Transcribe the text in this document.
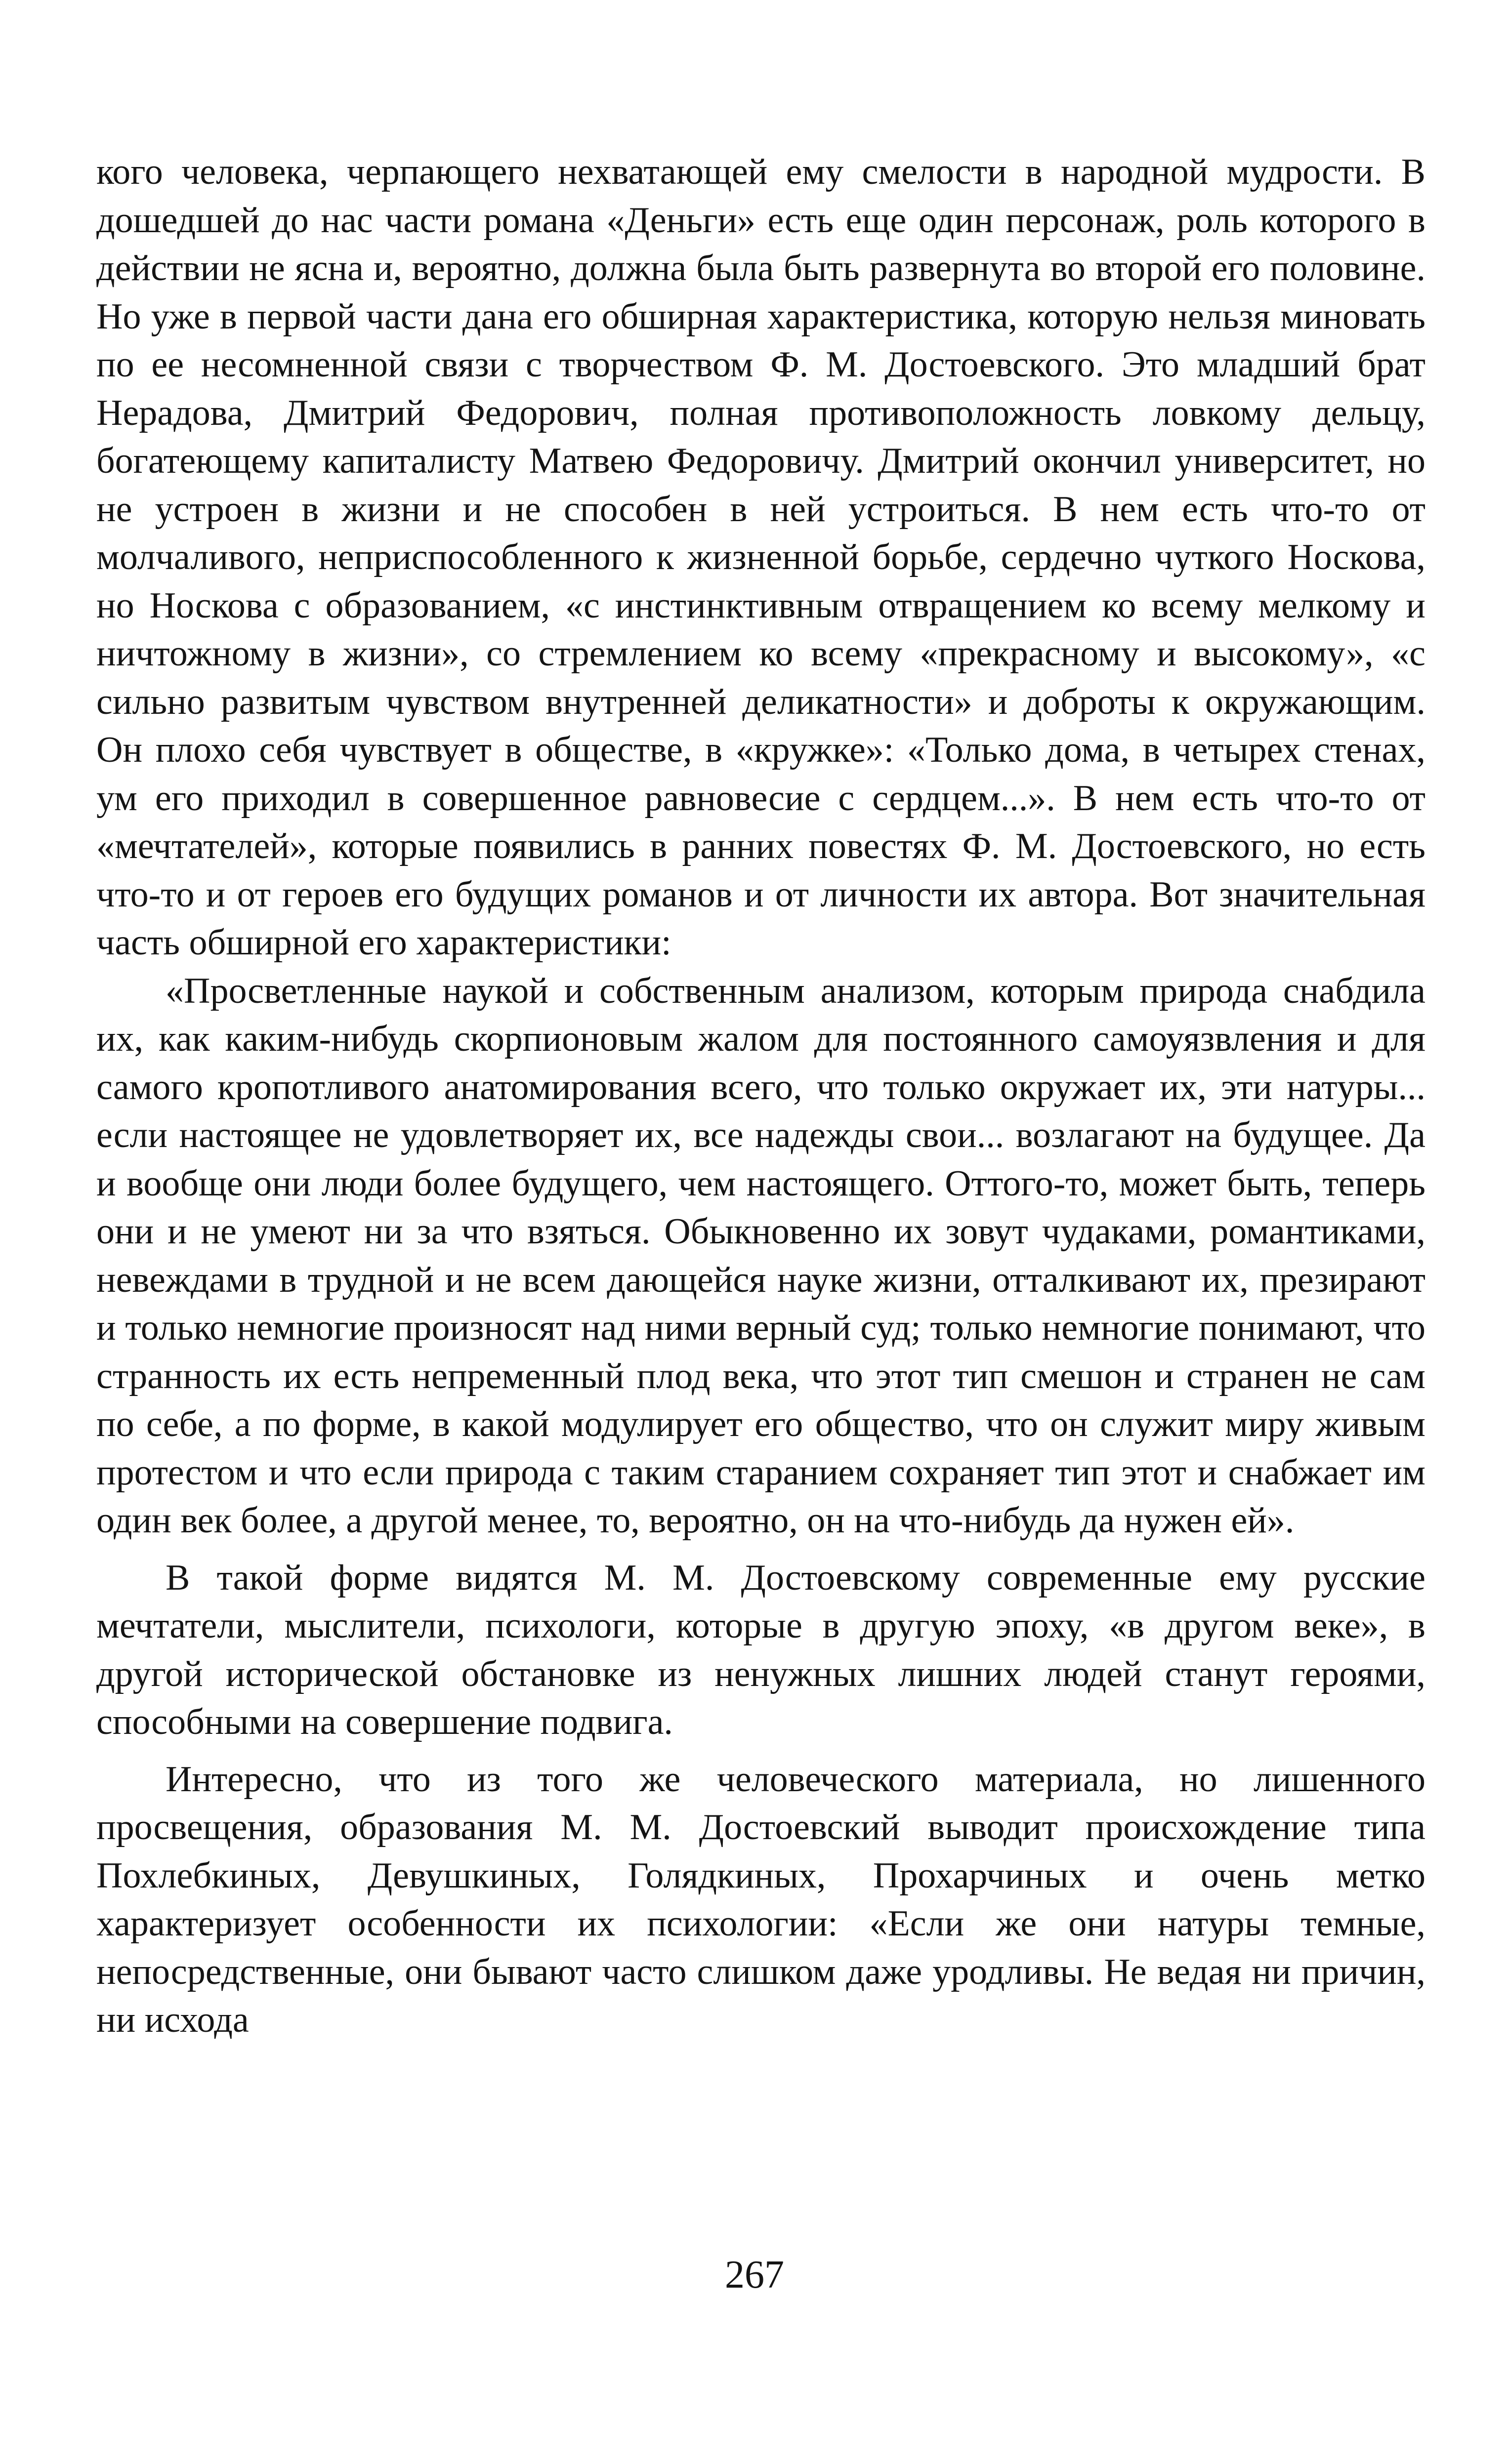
кого человека, черпающего нехватающей ему смелости в народной мудрости. В дошедшей до нас части романа «Деньги» есть еще один персонаж, роль которого в действии не ясна и, вероятно, должна была быть развернута во второй его половине. Но уже в первой части дана его обширная характеристика, которую нельзя миновать по ее несомненной связи с творчеством Ф. М. Достоевского. Это младший брат Нерадова, Дмитрий Федорович, полная противоположность ловкому дельцу, богатеющему капиталисту Матвею Федоровичу. Дмитрий окончил университет, но не устроен в жизни и не способен в ней устроиться. В нем есть что-то от молчаливого, неприспособленного к жизненной борьбе, сердечно чуткого Носкова, но Носкова с образованием, «с инстинктивным отвращением ко всему мелкому и ничтожному в жизни», со стремлением ко всему «прекрасному и высокому», «с сильно развитым чувством внутренней деликатности» и доброты к окружающим. Он плохо себя чувствует в обществе, в «кружке»: «Только дома, в четырех стенах, ум его приходил в совершенное равновесие с сердцем...». В нем есть что-то от «мечтателей», которые появились в ранних повестях Ф. М. Достоевского, но есть что-то и от героев его будущих романов и от личности их автора. Вот значительная часть обширной его характеристики:

«Просветленные наукой и собственным анализом, которым природа снабдила их, как каким-нибудь скорпионовым жалом для постоянного самоуязвления и для самого кропотливого анатомирования всего, что только окружает их, эти натуры... если настоящее не удовлетворяет их, все надежды свои... возлагают на будущее. Да и вообще они люди более будущего, чем настоящего. Оттого-то, может быть, теперь они и не умеют ни за что взяться. Обыкновенно их зовут чудаками, романтиками, невеждами в трудной и не всем дающейся науке жизни, отталкивают их, презирают и только немногие произносят над ними верный суд; только немногие понимают, что странность их есть непременный плод века, что этот тип смешон и странен не сам по себе, а по форме, в какой модулирует его общество, что он служит миру живым протестом и что если природа с таким старанием сохраняет тип этот и снабжает им один век более, а другой менее, то, вероятно, он на что-нибудь да нужен ей».

В такой форме видятся М. М. Достоевскому современные ему русские мечтатели, мыслители, психологи, которые в другую эпоху, «в другом веке», в другой исторической обстановке из ненужных лишних людей станут героями, способными на совершение подвига.

Интересно, что из того же человеческого материала, но лишенного просвещения, образования М. М. Достоевский выводит происхождение типа Похлебкиных, Девушкиных, Голядкиных, Прохарчиных и очень метко характеризует особенности их психологии: «Если же они натуры темные, непосредственные, они бывают часто слишком даже уродливы. Не ведая ни причин, ни исхода

267
